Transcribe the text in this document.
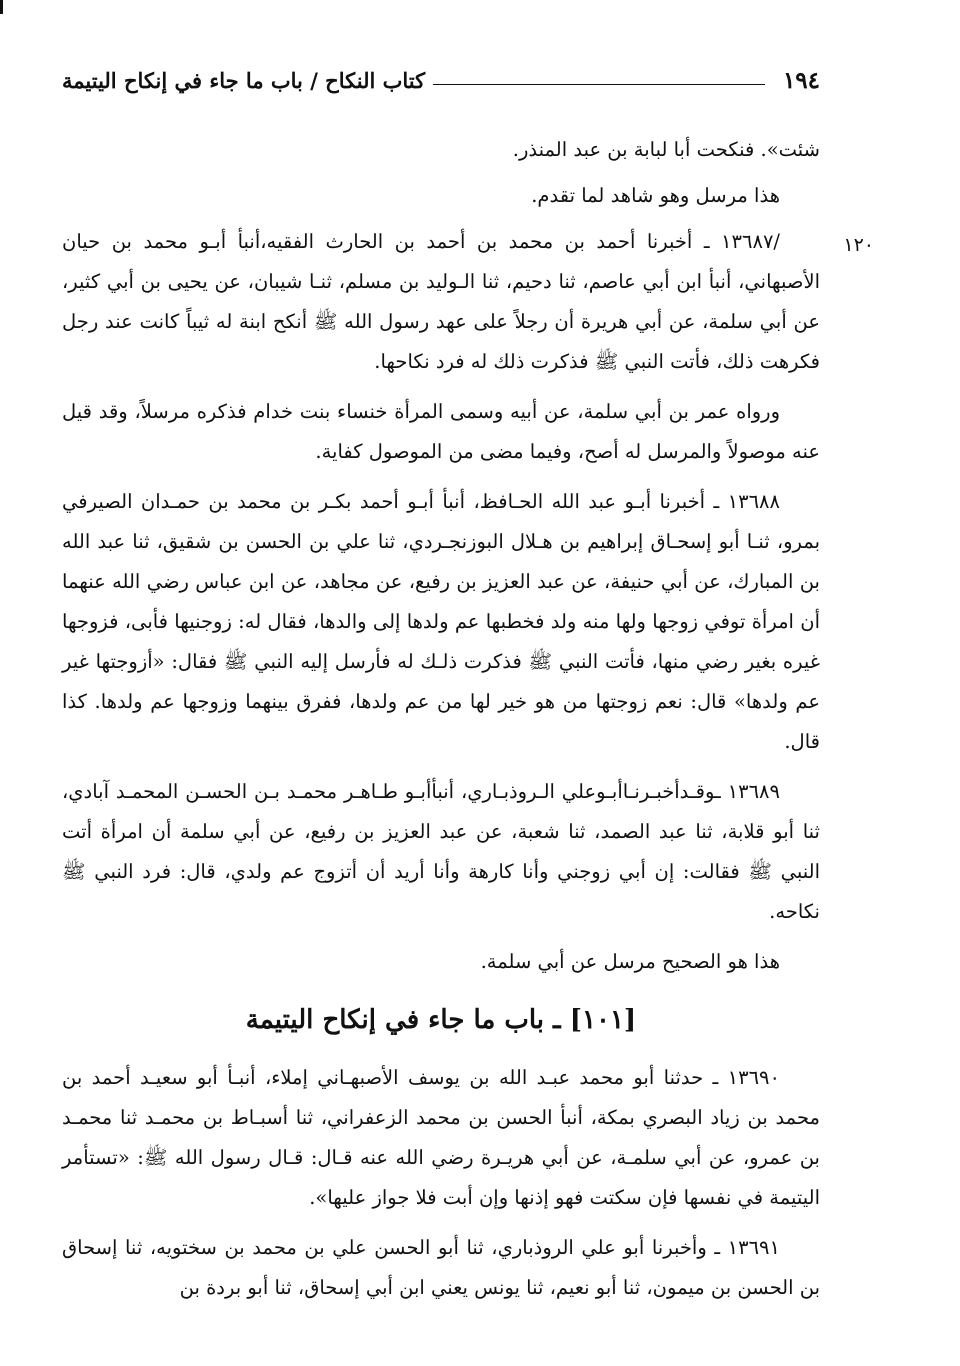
١٩٤
كتاب النكاح / باب ما جاء في إنكاح اليتيمة
١٢٠

شئت». فنكحت أبا لبابة بن عبد المنذر.

هذا مرسل وهو شاهد لما تقدم.

/١٣٦٨٧ ـ أخبرنا أحمد بن محمد بن أحمد بن الحارث الفقيه،أنبأ أبـو محمد بن حيان الأصبهاني، أنبأ ابن أبي عاصم، ثنا دحيم، ثنا الـوليد بن مسلم، ثنـا شيبان، عن يحيى بن أبي كثير، عن أبي سلمة، عن أبي هريرة أن رجلاً على عهد رسول الله ﷺ أنكح ابنة له ثيباً كانت عند رجل فكرهت ذلك، فأتت النبي ﷺ فذكرت ذلك له فرد نكاحها.

ورواه عمر بن أبي سلمة، عن أبيه وسمى المرأة خنساء بنت خدام فذكره مرسلاً، وقد قيل عنه موصولاً والمرسل له أصح، وفيما مضى من الموصول كفاية.

١٣٦٨٨ ـ أخبرنا أبـو عبد الله الحـافظ، أنبأ أبـو أحمد بكـر بن محمد بن حمـدان الصيرفي بمرو، ثنـا أبو إسحـاق إبراهيم بن هـلال البوزنجـردي، ثنا علي بن الحسن بن شقيق، ثنا عبد الله بن المبارك، عن أبي حنيفة، عن عبد العزيز بن رفيع، عن مجاهد، عن ابن عباس رضي الله عنهما أن امرأة توفي زوجها ولها منه ولد فخطبها عم ولدها إلى والدها، فقال له: زوجنيها فأبى، فزوجها غيره بغير رضي منها، فأتت النبي ﷺ فذكرت ذلـك له فأرسل إليه النبي ﷺ فقال: «أزوجتها غير عم ولدها» قال: نعم زوجتها من هو خير لها من عم ولدها، ففرق بينهما وزوجها عم ولدها. كذا قال.

١٣٦٨٩ ـوقـدأخبـرنـاأبـوعلي الـروذبـاري، أنبأأبـو طـاهـر محمـد بـن الحسـن المحمـد آبادي، ثنا أبو قلابة، ثنا عبد الصمد، ثنا شعبة، عن عبد العزيز بن رفيع، عن أبي سلمة أن امرأة أتت النبي ﷺ فقالت: إن أبي زوجني وأنا كارهة وأنا أريد أن أتزوج عم ولدي، قال: فرد النبي ﷺ نكاحه.

هذا هو الصحيح مرسل عن أبي سلمة.

[١٠١] ـ باب ما جاء في إنكاح اليتيمة

١٣٦٩٠ ـ حدثنا أبو محمد عبـد الله بن يوسف الأصبهـاني إملاء، أنبـأ أبو سعيـد أحمد بن محمد بن زياد البصري بمكة، أنبأ الحسن بن محمد الزعفراني، ثنا أسبـاط بن محمـد ثنا محمـد بن عمرو، عن أبي سلمـة، عن أبي هريـرة رضي الله عنه قـال: قـال رسول الله ﷺ: «تستأمر اليتيمة في نفسها فإن سكتت فهو إذنها وإن أبت فلا جواز عليها».

١٣٦٩١ ـ وأخبرنا أبو علي الروذباري، ثنا أبو الحسن علي بن محمد بن سختويه، ثنا إسحاق بن الحسن بن ميمون، ثنا أبو نعيم، ثنا يونس يعني ابن أبي إسحاق، ثنا أبو بردة بن
